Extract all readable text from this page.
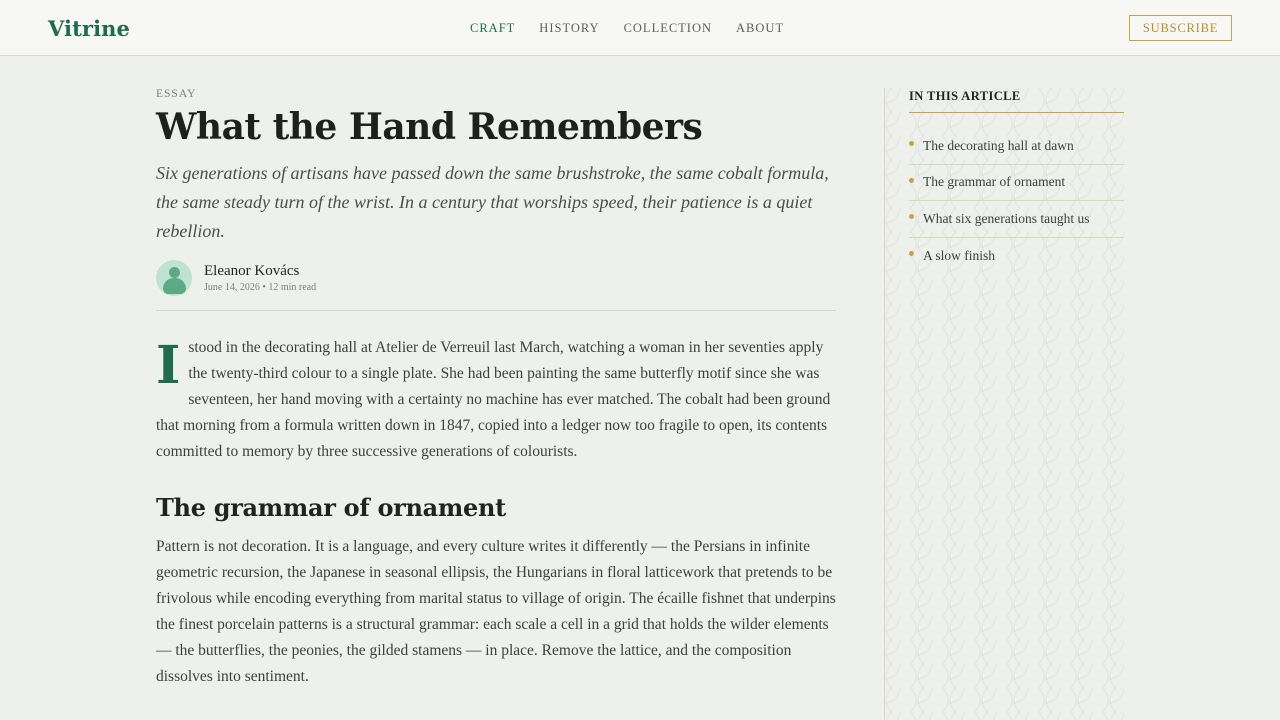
Vitrine	CRAFT HISTORY COLLECTION ABOUT	SUBSCRIBE
ESSAY
What the Hand Remembers

Six generations of artisans have passed down the same brushstroke, the same cobalt formula, the same steady turn of the wrist. In a century that worships speed, their patience is a quiet rebellion.

Eleanor Kovács
June 14, 2026 • 12 min read

Istood in the decorating hall at Atelier de Verreuil last March, watching a woman in her seventies apply the twenty-third colour to a single plate. She had been painting the same butterfly motif since she was seventeen, her hand moving with a certainty no machine has ever matched. The cobalt had been ground that morning from a formula written down in 1847, copied into a ledger now too fragile to open, its contents committed to memory by three successive generations of colourists.

The grammar of ornament

Pattern is not decoration. It is a language, and every culture writes it differently — the Persians in infinite geometric recursion, the Japanese in seasonal ellipsis, the Hungarians in floral latticework that pretends to be frivolous while encoding everything from marital status to village of origin. The écaille fishnet that underpins the finest porcelain patterns is a structural grammar: each scale a cell in a grid that holds the wilder elements — the butterflies, the peonies, the gilded stamens — in place. Remove the lattice, and the composition dissolves into sentiment.

IN THIS ARTICLE
The decorating hall at dawn
The grammar of ornament
What six generations taught us
A slow finish
